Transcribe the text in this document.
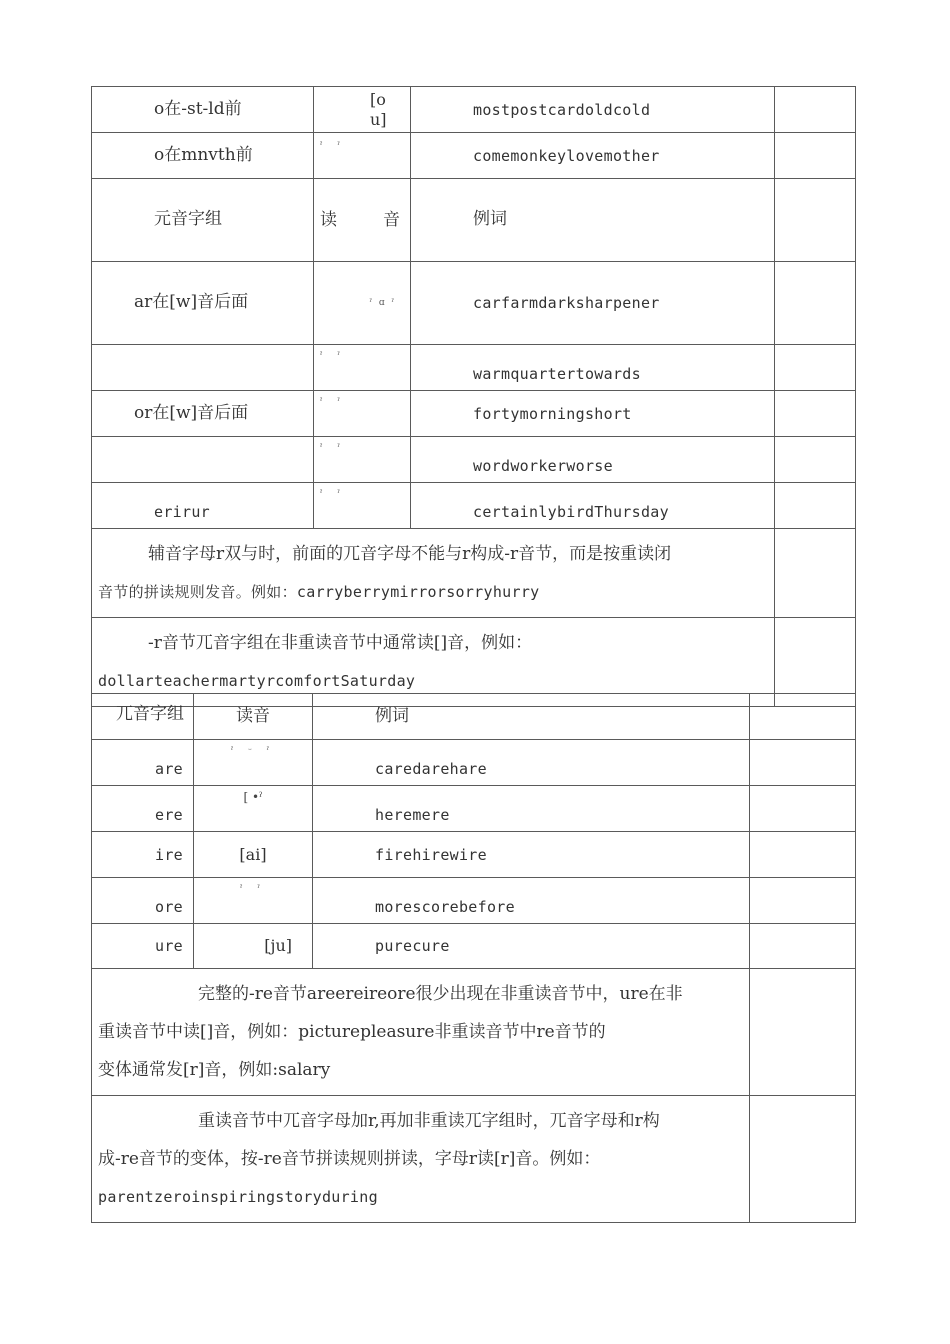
o在-st-ld前	[o u]	mostpostcardoldcold	
o在mnvth前	ˀ ˀ	comemonkeylovemother	
元音字组	读 音	例词	
ar在[w]音后面	ˀ ɑ ˀ	carfarmdarksharpener	
	ˀ ˀ	warmquartertowards	
or在[w]音后面	ˀ ˀ	fortymorningshort	
	ˀ ˀ	wordworkerworse	
erirur	ˀ ˀ	certainlybirdThursday	

辅音字母r双与时，前面的兀音字母不能与r构成-r音节，而是按重读闭
音节的拼读规则发音。例如：carryberrymirrorsorryhurry			

-r音节兀音字组在非重读音节中通常读[]音，例如：
dollarteachermartyrcomfortSaturday			

兀音字组	读音	例词	
are	ˀ ᵕ ˀ	caredarehare	
ere	[ •ˀ	heremere	
ire	[ai]	firehirewire	
ore	ˀ ˀ	morescorebefore	
ure	[ju]	purecure	

完整的-re音节areereireore很少出现在非重读音节中，ure在非
重读音节中读[]音，例如：picturepleasure非重读音节中re音节的
变体通常发[r]音，例如:salary			

重读音节中兀音字母加r,再加非重读兀字组时，兀音字母和r构
成-re音节的变体，按-re音节拼读规则拼读，字母r读[r]音。例如：
parentzeroinspiringstoryduring			
